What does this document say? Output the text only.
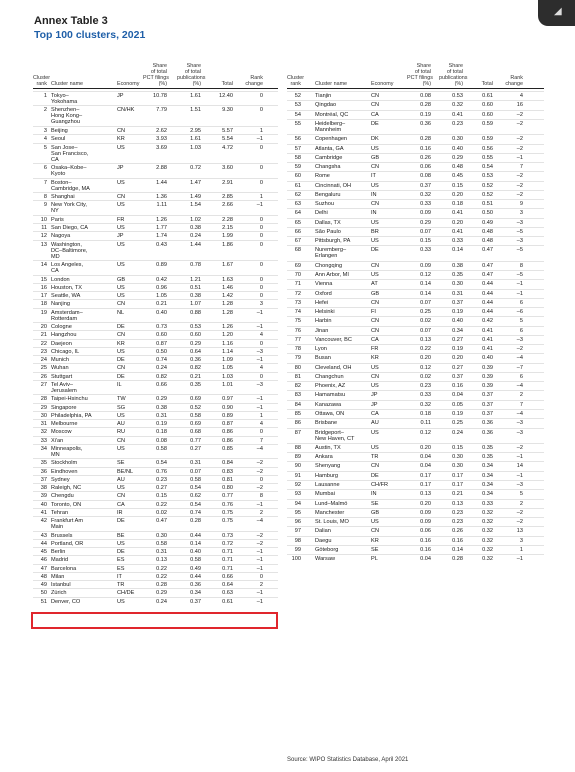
◢
Annex Table 3
Top 100 clusters, 2021
Cluster
rank Cluster name	Economy
Share
of total
PCT filings
(%)
Share
of total
publications
(%)	Total
Rank
change
1 Tokyo–
Yokohama
JP	10.78	1.61	12.40	0
2 Shenzhen–
Hong Kong–
Guangzhou
CN/HK	7.79	1.51	9.30	0
3 Beijing	CN	2.62	2.95	5.57	1
4 Seoul	KR	3.93	1.61	5.54	–1
5 San Jose–
San Francisco,
CA
US	3.69	1.03	4.72	0
6 Osaka–Kobe–
Kyoto
JP	2.88	0.72	3.60	0
7 Boston–
Cambridge, MA
US	1.44	1.47	2.91	0
8 Shanghai	CN	1.36	1.49	2.85	1
9 New York City,
NY
US	1.11	1.54	2.66	–1
10 Paris	FR	1.26	1.02	2.28	0
11 San Diego, CA	US	1.77	0.38	2.15	0
12 Nagoya	JP	1.74	0.24	1.99	0
13 Washington,
DC–Baltimore,
MD
US	0.43	1.44	1.86	0
14 Los Angeles,
CA
US	0.89	0.78	1.67	0
15 London	GB	0.42	1.21	1.63	0
16 Houston, TX	US	0.96	0.51	1.46	0
17 Seattle, WA	US	1.05	0.38	1.42	0
18 Nanjing	CN	0.21	1.07	1.28	3
19 Amsterdam–
Rotterdam
NL	0.40	0.88	1.28	–1
20 Cologne	DE	0.73	0.53	1.26	–1
21 Hangzhou	CN	0.60	0.60	1.20	4
22 Daejeon	KR	0.87	0.29	1.16	0
23 Chicago, IL	US	0.50	0.64	1.14	–3
24 Munich	DE	0.74	0.36	1.09	–1
25 Wuhan	CN	0.24	0.82	1.05	4
26 Stuttgart	DE	0.82	0.21	1.03	0
27 Tel Aviv–
Jerusalem
IL	0.66	0.35	1.01	–3
28 Taipei-Hsinchu	TW	0.29	0.69	0.97	–1
29 Singapore	SG	0.38	0.52	0.90	–1
30 Philadelphia, PA	US	0.31	0.58	0.89	1
31 Melbourne	AU	0.19	0.69	0.87	4
32 Moscow	RU	0.18	0.68	0.86	0
33 Xi'an	CN	0.08	0.77	0.86	7
34 Minneapolis,
MN
US	0.58	0.27	0.85	–4
35 Stockholm	SE	0.54	0.31	0.84	–2
36 Eindhoven	BE/NL	0.76	0.07	0.83	–2
37 Sydney	AU	0.23	0.58	0.81	0
38 Raleigh, NC	US	0.27	0.54	0.80	–2
39 Chengdu	CN	0.15	0.62	0.77	8
40 Toronto, ON	CA	0.22	0.54	0.76	–1
41 Tehran	IR	0.02	0.74	0.75	2
42 Frankfurt Am
Main
DE	0.47	0.28	0.75	–4
43 Brussels	BE	0.30	0.44	0.73	–2
44 Portland, OR	US	0.58	0.14	0.72	–2
45 Berlin	DE	0.31	0.40	0.71	–1
46 Madrid	ES	0.13	0.58	0.71	–1
47 Barcelona	ES	0.22	0.49	0.71	–1
48 Milan	IT	0.22	0.44	0.66	0
49 Istanbul	TR	0.28	0.36	0.64	2
50 Zürich	CH/DE	0.29	0.34	0.63	–1
51 Denver, CO	US	0.24	0.37	0.61	–1
Cluster
rank	Cluster name	Economy
Share
of total
PCT filings
(%)
Share
of total
publications
(%)	Total
Rank
change
52	Tianjin	CN	0.08	0.53	0.61	4
53	Qingdao	CN	0.28	0.32	0.60	16
54	Montréal, QC	CA	0.19	0.41	0.60	–2
55	Heidelberg–
Mannheim
DE	0.36	0.23	0.59	–2
56	Copenhagen	DK	0.28	0.30	0.59	–2
57	Atlanta, GA	US	0.16	0.40	0.56	–2
58	Cambridge	GB	0.26	0.29	0.55	–1
59	Changsha	CN	0.06	0.48	0.54	7
60	Rome	IT	0.08	0.45	0.53	–2
61	Cincinnati, OH	US	0.37	0.15	0.52	–2
62	Bengaluru	IN	0.32	0.20	0.52	–2
63	Suzhou	CN	0.33	0.18	0.51	9
64	Delhi	IN	0.09	0.41	0.50	3
65	Dallas, TX	US	0.29	0.20	0.49	–3
66	São Paulo	BR	0.07	0.41	0.48	–5
67	Pittsburgh, PA	US	0.15	0.33	0.48	–3
68	Nuremberg–
Erlangen
DE	0.33	0.14	0.47	–5
69	Chongqing	CN	0.09	0.38	0.47	8
70	Ann Arbor, MI	US	0.12	0.35	0.47	–5
71	Vienna	AT	0.14	0.30	0.44	–1
72	Oxford	GB	0.14	0.31	0.44	–1
73	Hefei	CN	0.07	0.37	0.44	6
74	Helsinki	FI	0.25	0.19	0.44	–6
75	Harbin	CN	0.02	0.40	0.42	5
76	Jinan	CN	0.07	0.34	0.41	6
77	Vancouver, BC	CA	0.13	0.27	0.41	–3
78	Lyon	FR	0.22	0.19	0.41	–2
79	Busan	KR	0.20	0.20	0.40	–4
80	Cleveland, OH	US	0.12	0.27	0.39	–7
81	Changchun	CN	0.02	0.37	0.39	6
82	Phoenix, AZ	US	0.23	0.16	0.39	–4
83	Hamamatsu	JP	0.33	0.04	0.37	2
84	Kanazawa	JP	0.32	0.05	0.37	7
85	Ottawa, ON	CA	0.18	0.19	0.37	–4
86	Brisbane	AU	0.11	0.25	0.36	–3
87	Bridgeport–
New Haven, CT
US	0.12	0.24	0.36	–3
88	Austin, TX	US	0.20	0.15	0.35	–2
89	Ankara	TR	0.04	0.30	0.35	–1
90	Shenyang	CN	0.04	0.30	0.34	14
91	Hamburg	DE	0.17	0.17	0.34	–1
92	Lausanne	CH/FR	0.17	0.17	0.34	–3
93	Mumbai	IN	0.13	0.21	0.34	5
94	Lund–Malmö	SE	0.20	0.13	0.33	2
95	Manchester	GB	0.09	0.23	0.32	–2
96	St. Louis, MO	US	0.09	0.23	0.32	–2
97	Dalian	CN	0.06	0.26	0.32	13
98	Daegu	KR	0.16	0.16	0.32	3
99	Göteborg	SE	0.16	0.14	0.32	1
100	Warsaw	PL	0.04	0.28	0.32	–1
Source: WIPO Statistics Database, April 2021
